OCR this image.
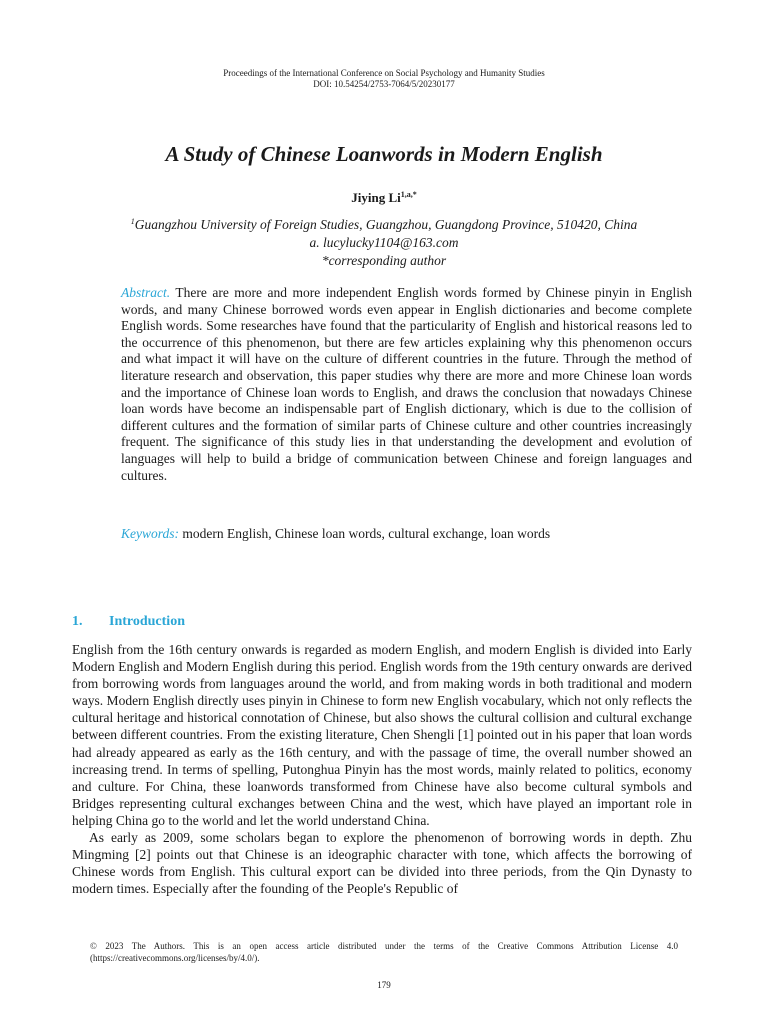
Proceedings of the International Conference on Social Psychology and Humanity Studies
DOI: 10.54254/2753-7064/5/20230177
A Study of Chinese Loanwords in Modern English
Jiying $Li^{1,a,*}$
$^1$Guangzhou University of Foreign Studies, Guangzhou, Guangdong Province, 510420, China
a. lucylucky1104@163.com
*corresponding author
Abstract. There are more and more independent English words formed by Chinese pinyin in English words, and many Chinese borrowed words even appear in English dictionaries and become complete English words. Some researches have found that the particularity of English and historical reasons led to the occurrence of this phenomenon, but there are few articles explaining why this phenomenon occurs and what impact it will have on the culture of different countries in the future. Through the method of literature research and observation, this paper studies why there are more and more Chinese loan words and the importance of Chinese loan words to English, and draws the conclusion that nowadays Chinese loan words have become an indispensable part of English dictionary, which is due to the collision of different cultures and the formation of similar parts of Chinese culture and other countries increasingly frequent. The significance of this study lies in that understanding the development and evolution of languages will help to build a bridge of communication between Chinese and foreign languages and cultures.
Keywords: modern English, Chinese loan words, cultural exchange, loan words
1. Introduction

English from the 16th century onwards is regarded as modern English, and modern English is divided into Early Modern English and Modern English during this period. English words from the 19th century onwards are derived from borrowing words from languages around the world, and from making words in both traditional and modern ways. Modern English directly uses pinyin in Chinese to form new English vocabulary, which not only reflects the cultural heritage and historical connotation of Chinese, but also shows the cultural collision and cultural exchange between different countries. From the existing literature, Chen Shengli [1] pointed out in his paper that loan words had already appeared as early as the 16th century, and with the passage of time, the overall number showed an increasing trend. In terms of spelling, Putonghua Pinyin has the most words, mainly related to politics, economy and culture. For China, these loanwords transformed from Chinese have also become cultural symbols and Bridges representing cultural exchanges between China and the west, which have played an important role in helping China go to the world and let the world understand China.

As early as 2009, some scholars began to explore the phenomenon of borrowing words in depth. Zhu Mingming [2] points out that Chinese is an ideographic character with tone, which affects the borrowing of Chinese words from English. This cultural export can be divided into three periods, from the Qin Dynasty to modern times. Especially after the founding of the People's Republic of

© 2023 The Authors. This is an open access article distributed under the terms of the Creative Commons Attribution License 4.0 (https://creativecommons.org/licenses/by/4.0/).
179
